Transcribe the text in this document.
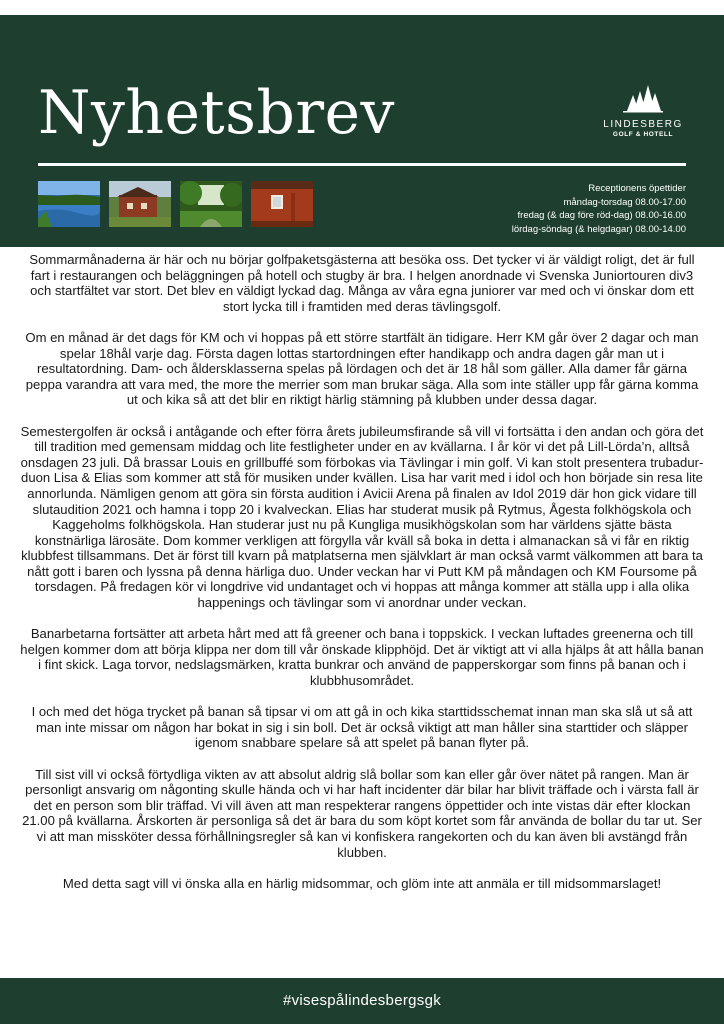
Nyhetsbrev	LINDESBERG
GOLF & HOTELL
Receptionens öpettider
måndag-torsdag 08.00-17.00
fredag (& dag före röd-dag) 08.00-16.00
lördag-söndag (& helgdagar) 08.00-14.00

Sommarmånaderna är här och nu börjar golfpaketsgästerna att besöka oss. Det tycker vi är väldigt roligt, det är full fart i restaurangen och beläggningen på hotell och stugby är bra. I helgen anordnade vi Svenska Juniortouren div3 och startfältet var stort. Det blev en väldigt lyckad dag. Många av våra egna juniorer var med och vi önskar dom ett stort lycka till i framtiden med deras tävlingsgolf.

Om en månad är det dags för KM och vi hoppas på ett större startfält än tidigare. Herr KM går över 2 dagar och man spelar 18hål varje dag. Första dagen lottas startordningen efter handikapp och andra dagen går man ut i resultatordning. Dam- och åldersklasserna spelas på lördagen och det är 18 hål som gäller. Alla damer får gärna peppa varandra att vara med, the more the merrier som man brukar säga. Alla som inte ställer upp får gärna komma ut och kika så att det blir en riktigt härlig stämning på klubben under dessa dagar.

Semestergolfen är också i antågande och efter förra årets jubileumsfirande så vill vi fortsätta i den andan och göra det till tradition med gemensam middag och lite festligheter under en av kvällarna. I år kör vi det på Lill-Lörda’n, alltså onsdagen 23 juli. Då brassar Louis en grillbuffé som förbokas via Tävlingar i min golf. Vi kan stolt presentera trubadur-duon Lisa & Elias som kommer att stå för musiken under kvällen. Lisa har varit med i idol och hon började sin resa lite annorlunda. Nämligen genom att göra sin första audition i Avicii Arena på finalen av Idol 2019 där hon gick vidare till slutaudition 2021 och hamna i topp 20 i kvalveckan. Elias har studerat musik på Rytmus, Ågesta folkhögskola och Kaggeholms folkhögskola. Han studerar just nu på Kungliga musikhögskolan som har världens sjätte bästa konstnärliga lärosäte. Dom kommer verkligen att förgylla vår kväll så boka in detta i almanackan så vi får en riktig klubbfest tillsammans. Det är först till kvarn på matplatserna men självklart är man också varmt välkommen att bara ta nått gott i baren och lyssna på denna härliga duo. Under veckan har vi Putt KM på måndagen och KM Foursome på torsdagen. På fredagen kör vi longdrive vid undantaget och vi hoppas att många kommer att ställa upp i alla olika happenings och tävlingar som vi anordnar under veckan.

Banarbetarna fortsätter att arbeta hårt med att få greener och bana i toppskick. I veckan luftades greenerna och till helgen kommer dom att börja klippa ner dom till vår önskade klipphöjd. Det är viktigt att vi alla hjälps åt att hålla banan i fint skick. Laga torvor, nedslagsmärken, kratta bunkrar och använd de papperskorgar som finns på banan och i klubbhusområdet.

I och med det höga trycket på banan så tipsar vi om att gå in och kika starttidsschemat innan man ska slå ut så att man inte missar om någon har bokat in sig i sin boll. Det är också viktigt att man håller sina starttider och släpper igenom snabbare spelare så att spelet på banan flyter på.

Till sist vill vi också förtydliga vikten av att absolut aldrig slå bollar som kan eller går över nätet på rangen. Man är personligt ansvarig om någonting skulle hända och vi har haft incidenter där bilar har blivit träffade och i värsta fall är det en person som blir träffad. Vi vill även att man respekterar rangens öppettider och inte vistas där efter klockan 21.00 på kvällarna. Årskorten är personliga så det är bara du som köpt kortet som får använda de bollar du tar ut. Ser vi att man missköter dessa förhållningsregler så kan vi konfiskera rangekorten och du kan även bli avstängd från klubben.

Med detta sagt vill vi önska alla en härlig midsommar, och glöm inte att anmäla er till midsommarslaget!

#visespålindesbergsgk
